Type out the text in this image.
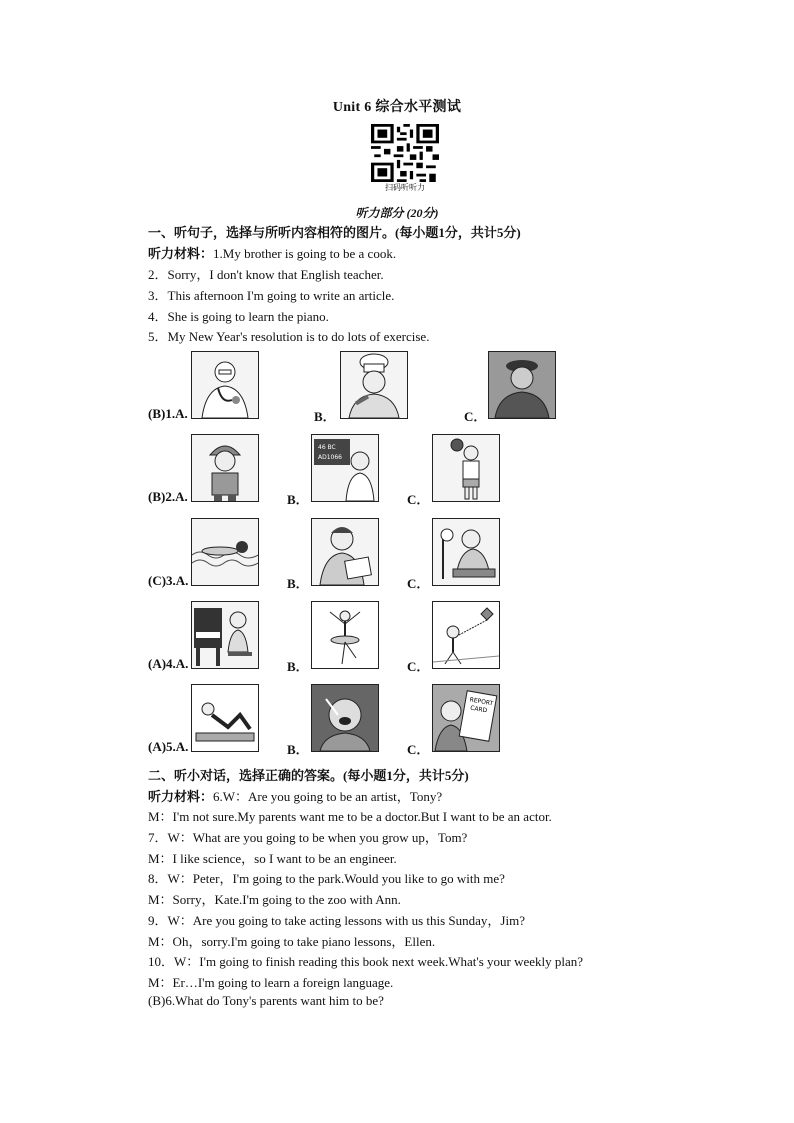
Unit 6 综合水平测试
扫码听听力
听力部分 (20分)
一、听句子，选择与所听内容相符的图片。(每小题1分，共计5分)
听力材料：1.My brother is going to be a cook.
2．Sorry，I don't know that English teacher.
3．This afternoon I'm going to write an article.
4．She is going to learn the piano.
5．My New Year's resolution is to do lots of exercise.
(B)1.A.	B．	C．
(B)2.A.	B．
46 BC
AD1066
C．
(C)3.A.	B．	C．
(A)4.A.	B．	C．
(A)5.A.	B．	C．
REPORT
CARD
二、听小对话，选择正确的答案。(每小题1分，共计5分)
听力材料：6.W：Are you going to be an artist，Tony?
M：I'm not sure.My parents want me to be a doctor.But I want to be an actor.
7．W：What are you going to be when you grow up，Tom?
M：I like science，so I want to be an engineer.
8．W：Peter，I'm going to the park.Would you like to go with me?
M：Sorry，Kate.I'm going to the zoo with Ann.
9．W：Are you going to take acting lessons with us this Sunday，Jim?
M：Oh，sorry.I'm going to take piano lessons，Ellen.
10．W：I'm going to finish reading this book next week.What's your weekly plan?
M：Er…I'm going to learn a foreign language.
(B)6.What do Tony's parents want him to be?
